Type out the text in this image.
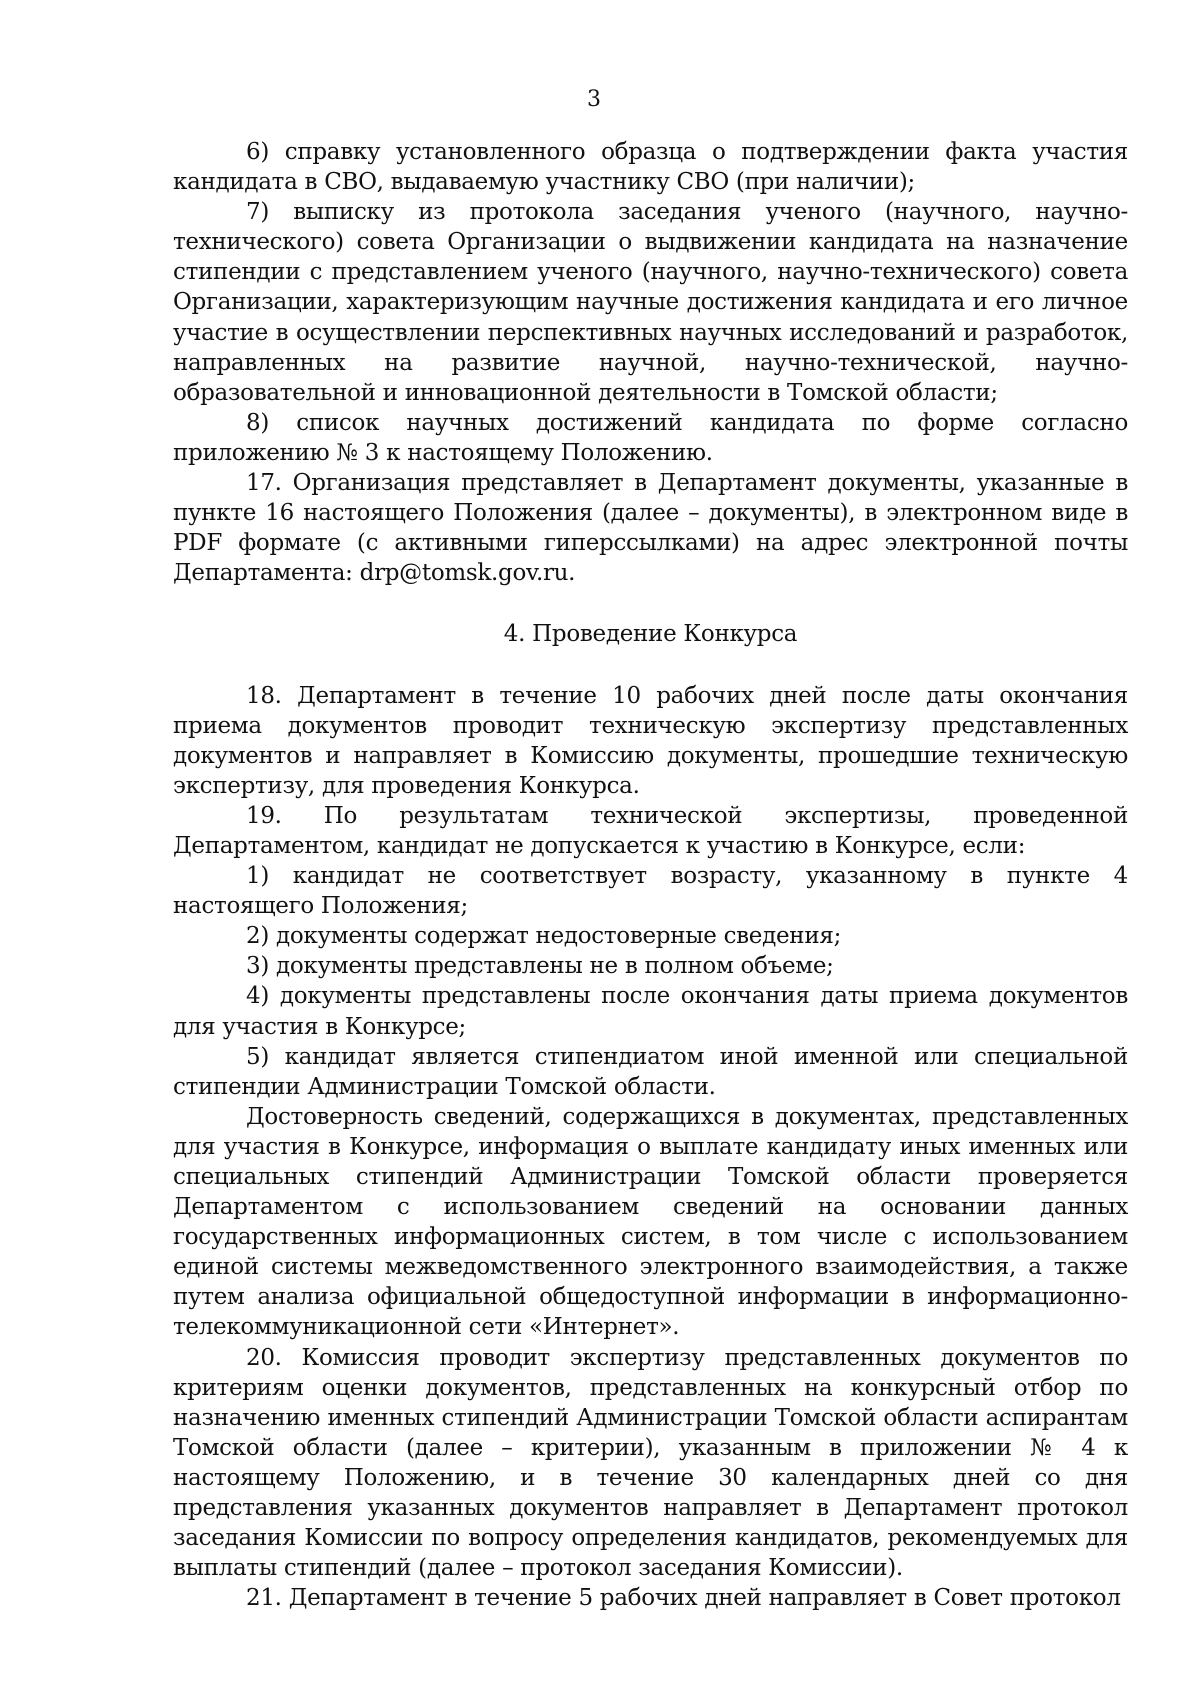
3

6) справку установленного образца о подтверждении факта участия кандидата в СВО, выдаваемую участнику СВО (при наличии);

7) выписку из протокола заседания ученого (научного, научно-технического) совета Организации о выдвижении кандидата на назначение стипендии с представлением ученого (научного, научно-технического) совета Организации, характеризующим научные достижения кандидата и его личное участие в осуществлении перспективных научных исследований и разработок, направленных на развитие научной, научно-технической, научно-образовательной и инновационной деятельности в Томской области;

8) список научных достижений кандидата по форме согласно приложению № 3 к настоящему Положению.

17. Организация представляет в Департамент документы, указанные в пункте 16 настоящего Положения (далее – документы), в электронном виде в PDF формате (с активными гиперссылками) на адрес электронной почты Департамента: drp@tomsk.gov.ru.

4. Проведение Конкурса

18. Департамент в течение 10 рабочих дней после даты окончания приема документов проводит техническую экспертизу представленных документов и направляет в Комиссию документы, прошедшие техническую экспертизу, для проведения Конкурса.

19. По результатам технической экспертизы, проведенной Департаментом, кандидат не допускается к участию в Конкурсе, если:

1) кандидат не соответствует возрасту, указанному в пункте 4 настоящего Положения;

2) документы содержат недостоверные сведения;

3) документы представлены не в полном объеме;

4) документы представлены после окончания даты приема документов для участия в Конкурсе;

5) кандидат является стипендиатом иной именной или специальной стипендии Администрации Томской области.

Достоверность сведений, содержащихся в документах, представленных для участия в Конкурсе, информация о выплате кандидату иных именных или специальных стипендий Администрации Томской области проверяется Департаментом с использованием сведений на основании данных государственных информационных систем, в том числе с использованием единой системы межведомственного электронного взаимодействия, а также путем анализа официальной общедоступной информации в информационно-телекоммуникационной сети «Интернет».

20. Комиссия проводит экспертизу представленных документов по критериям оценки документов, представленных на конкурсный отбор по назначению именных стипендий Администрации Томской области аспирантам Томской области (далее – критерии), указанным в приложении № 4 к настоящему Положению, и в течение 30 календарных дней со дня представления указанных документов направляет в Департамент протокол заседания Комиссии по вопросу определения кандидатов, рекомендуемых для выплаты стипендий (далее – протокол заседания Комиссии).

21. Департамент в течение 5 рабочих дней направляет в Совет протокол
